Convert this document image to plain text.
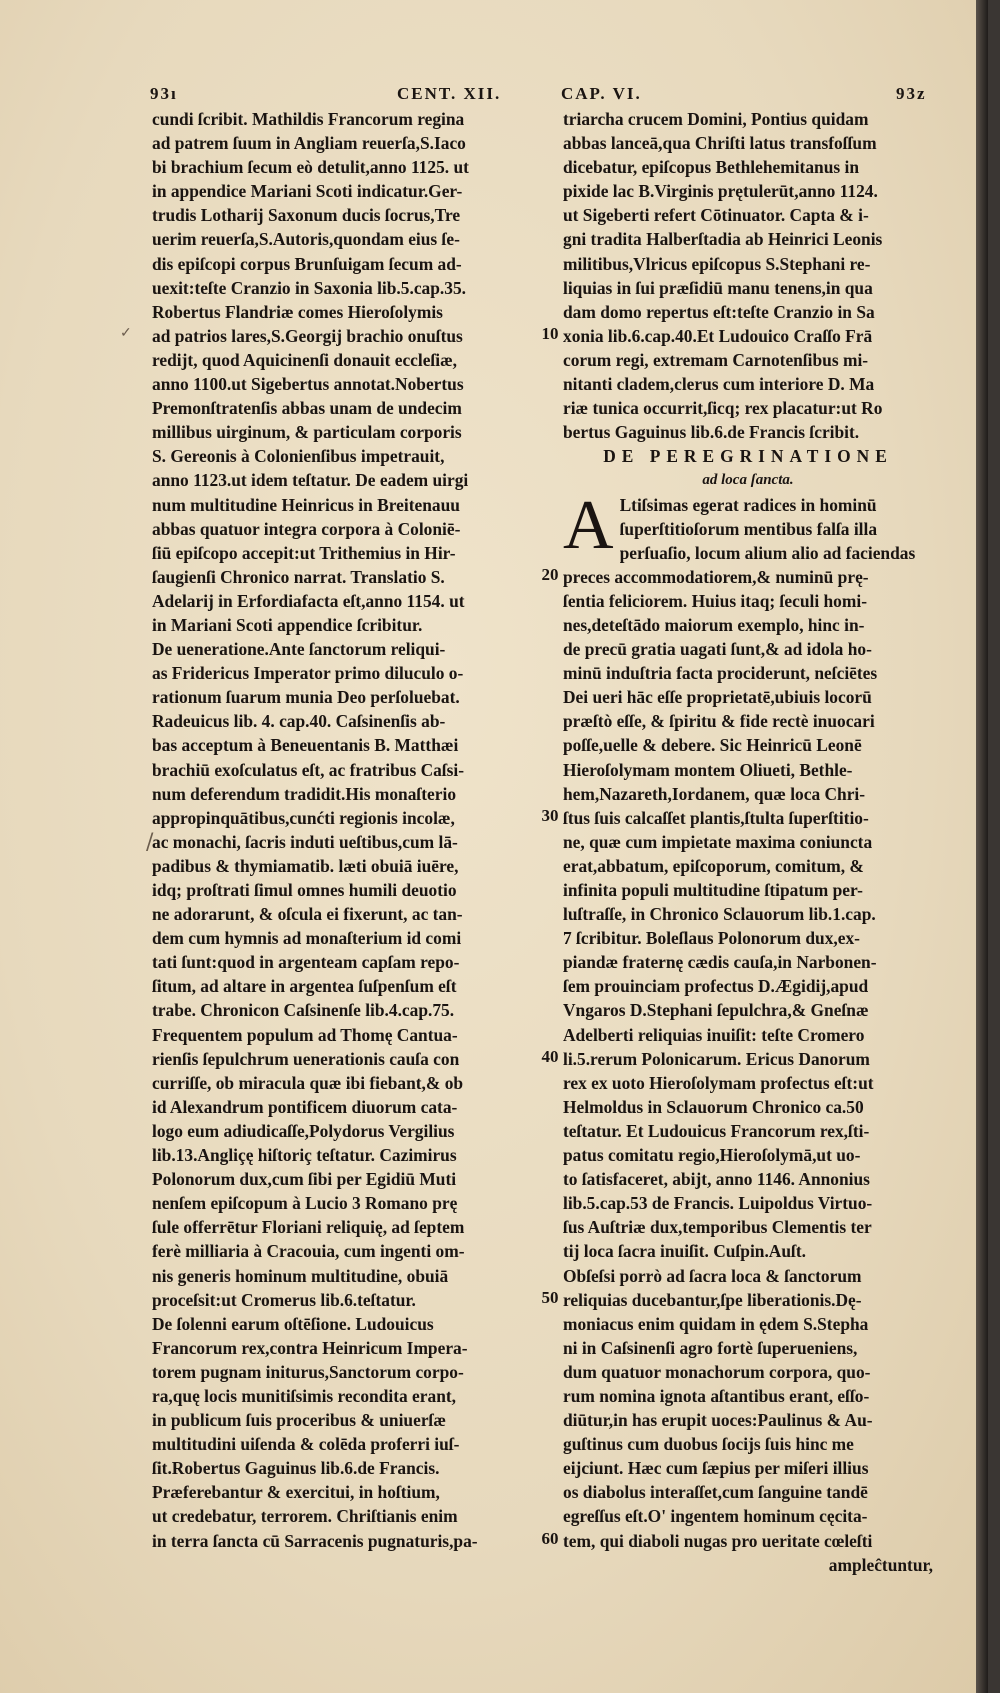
93ı	CENT. XII.	CAP. VI.	93z
cundi ſcribit. Mathildis Francorum regina
ad patrem ſuum in Angliam reuerſa,S.Iaco
bi brachium ſecum eò detulit,anno 1125. ut
in appendice Mariani Scoti indicatur.Ger-
trudis Lotharij Saxonum ducis ſocrus,Tre
uerim reuerſa,S.Autoris,quondam eius ſe-
dis epiſcopi corpus Brunſuigam ſecum ad-
uexit:teſte Cranzio in Saxonia lib.5.cap.35.
Robertus Flandriæ comes Hieroſolymis
ad patrios lares,S.Georgij brachio onuſtus
redijt, quod Aquicinenſi donauit eccleſiæ,
anno 1100.ut Sigebertus annotat.Nobertus
Premonſtratenſis abbas unam de undecim
millibus uirginum, & particulam corporis
S. Gereonis à Colonienſibus impetrauit,
anno 1123.ut idem teſtatur. De eadem uirgi
num multitudine Heinricus in Breitenauu
abbas quatuor integra corpora à Coloniē-
ſiū epiſcopo accepit:ut Trithemius in Hir-
ſaugienſi Chronico narrat. Translatio S.
Adelarij in Erfordiafacta eſt,anno 1154. ut
in Mariani Scoti appendice ſcribitur.
De ueneratione.Ante ſanctorum reliqui-
as Fridericus Imperator primo diluculo o-
rationum ſuarum munia Deo perſoluebat.
Radeuicus lib. 4. cap.40. Caſsinenſis ab-
bas acceptum à Beneuentanis B. Matthæi
brachiū exoſculatus eſt, ac fratribus Caſsi-
num deferendum tradidit.His monaſterio
appropinquātibus,cunćti regionis incolæ,
ac monachi, ſacris induti ueſtibus,cum lā-
padibus & thymiamatib. læti obuiā iuēre,
idq; proſtrati ſimul omnes humili deuotio
ne adorarunt, & oſcula ei fixerunt, ac tan-
dem cum hymnis ad monaſterium id comi
tati ſunt:quod in argenteam capſam repo-
ſitum, ad altare in argentea ſuſpenſum eſt
trabe. Chronicon Caſsinenſe lib.4.cap.75.
Frequentem populum ad Thomę Cantua-
rienſis ſepulchrum uenerationis cauſa con
curriſſe, ob miracula quæ ibi fiebant,& ob
id Alexandrum pontificem diuorum cata-
logo eum adiudicaſſe,Polydorus Vergilius
lib.13.Angliçę hiſtoriç teſtatur. Cazimirus
Polonorum dux,cum ſibi per Egidiū Muti
nenſem epiſcopum à Lucio 3 Romano prę
ſule offerrētur Floriani reliquię, ad ſeptem
ferè milliaria à Cracouia, cum ingenti om-
nis generis hominum multitudine, obuiā
proceſsit:ut Cromerus lib.6.teſtatur.
De ſolenni earum oſtēſione. Ludouicus
Francorum rex,contra Heinricum Impera-
torem pugnam initurus,Sanctorum corpo-
ra,quę locis munitiſsimis recondita erant,
in publicum ſuis proceribus & uniuerſæ
multitudini uiſenda & colēda proferri iuſ-
ſit.Robertus Gaguinus lib.6.de Francis.
Præferebantur & exercitui, in hoſtium,
ut credebatur, terrorem. Chriſtianis enim
in terra ſancta cū Sarracenis pugnaturis,pa-
triarcha crucem Domini, Pontius quidam
abbas lanceā,qua Chriſti latus transfoſſum
dicebatur, epiſcopus Bethlehemitanus in
pixide lac B.Virginis prętulerūt,anno 1124.
ut Sigeberti refert Cōtinuator. Capta & i-
gni tradita Halberſtadia ab Heinrici Leonis
militibus,Vlricus epiſcopus S.Stephani re-
liquias in ſui præſidiū manu tenens,in qua
dam domo repertus eſt:teſte Cranzio in Sa
xonia lib.6.cap.40.Et Ludouico Craſſo Frā
corum regi, extremam Carnotenſibus mi-
nitanti cladem,clerus cum interiore D. Ma
riæ tunica occurrit,ſicq; rex placatur:ut Ro
bertus Gaguinus lib.6.de Francis ſcribit.
DE PEREGRINATIONE
ad loca ſancta.
A Ltiſsimas egerat radices in hominū
ſuperſtitioſorum mentibus falſa illa
perſuaſio, locum alium alio ad faciendas
preces accommodatiorem,& numinū prę-
ſentia feliciorem. Huius itaq; ſeculi homi-
nes,deteſtādo maiorum exemplo, hinc in-
de precū gratia uagati ſunt,& ad idola ho-
minū induſtria facta prociderunt, neſciētes
Dei ueri hāc eſſe proprietatē,ubiuis locorū
præſtò eſſe, & ſpiritu & fide rectè inuocari
poſſe,uelle & debere. Sic Heinricū Leonē
Hieroſolymam montem Oliueti, Bethle-
hem,Nazareth,Iordanem, quæ loca Chri-
ſtus ſuis calcaſſet plantis,ſtulta ſuperſtitio-
ne, quæ cum impietate maxima coniuncta
erat,abbatum, epiſcoporum, comitum, &
infinita populi multitudine ſtipatum per-
luſtraſſe, in Chronico Sclauorum lib.1.cap.
7 ſcribitur. Boleſlaus Polonorum dux,ex-
piandæ fraternę cædis cauſa,in Narbonen-
ſem prouinciam profectus D.Ægidij,apud
Vngaros D.Stephani ſepulchra,& Gneſnæ
Adelberti reliquias inuiſit: teſte Cromero
li.5.rerum Polonicarum. Ericus Danorum
rex ex uoto Hieroſolymam profectus eſt:ut
Helmoldus in Sclauorum Chronico ca.50
teſtatur. Et Ludouicus Francorum rex,ſti-
patus comitatu regio,Hieroſolymā,ut uo-
to ſatisfaceret, abijt, anno 1146. Annonius
lib.5.cap.53 de Francis. Luipoldus Virtuo-
ſus Auſtriæ dux,temporibus Clementis ter
tij loca ſacra inuiſit. Cuſpin.Auſt.
Obſeſsi porrò ad ſacra loca & ſanctorum
reliquias ducebantur,ſpe liberationis.Dę-
moniacus enim quidam in ędem S.Stepha
ni in Caſsinenſi agro fortè ſuperueniens,
dum quatuor monachorum corpora, quo-
rum nomina ignota aſtantibus erant, eſſo-
diūtur,in has erupit uoces:Paulinus & Au-
guſtinus cum duobus ſocijs ſuis hinc me
eijciunt. Hæc cum ſæpius per miſeri illius
os diabolus interaſſet,cum ſanguine tandē
egreſſus eſt.O' ingentem hominum cęcita-
tem, qui diaboli nugas pro ueritate cœleſti
ampleĉtuntur,
10
20
30
40
50
60
✓
/
